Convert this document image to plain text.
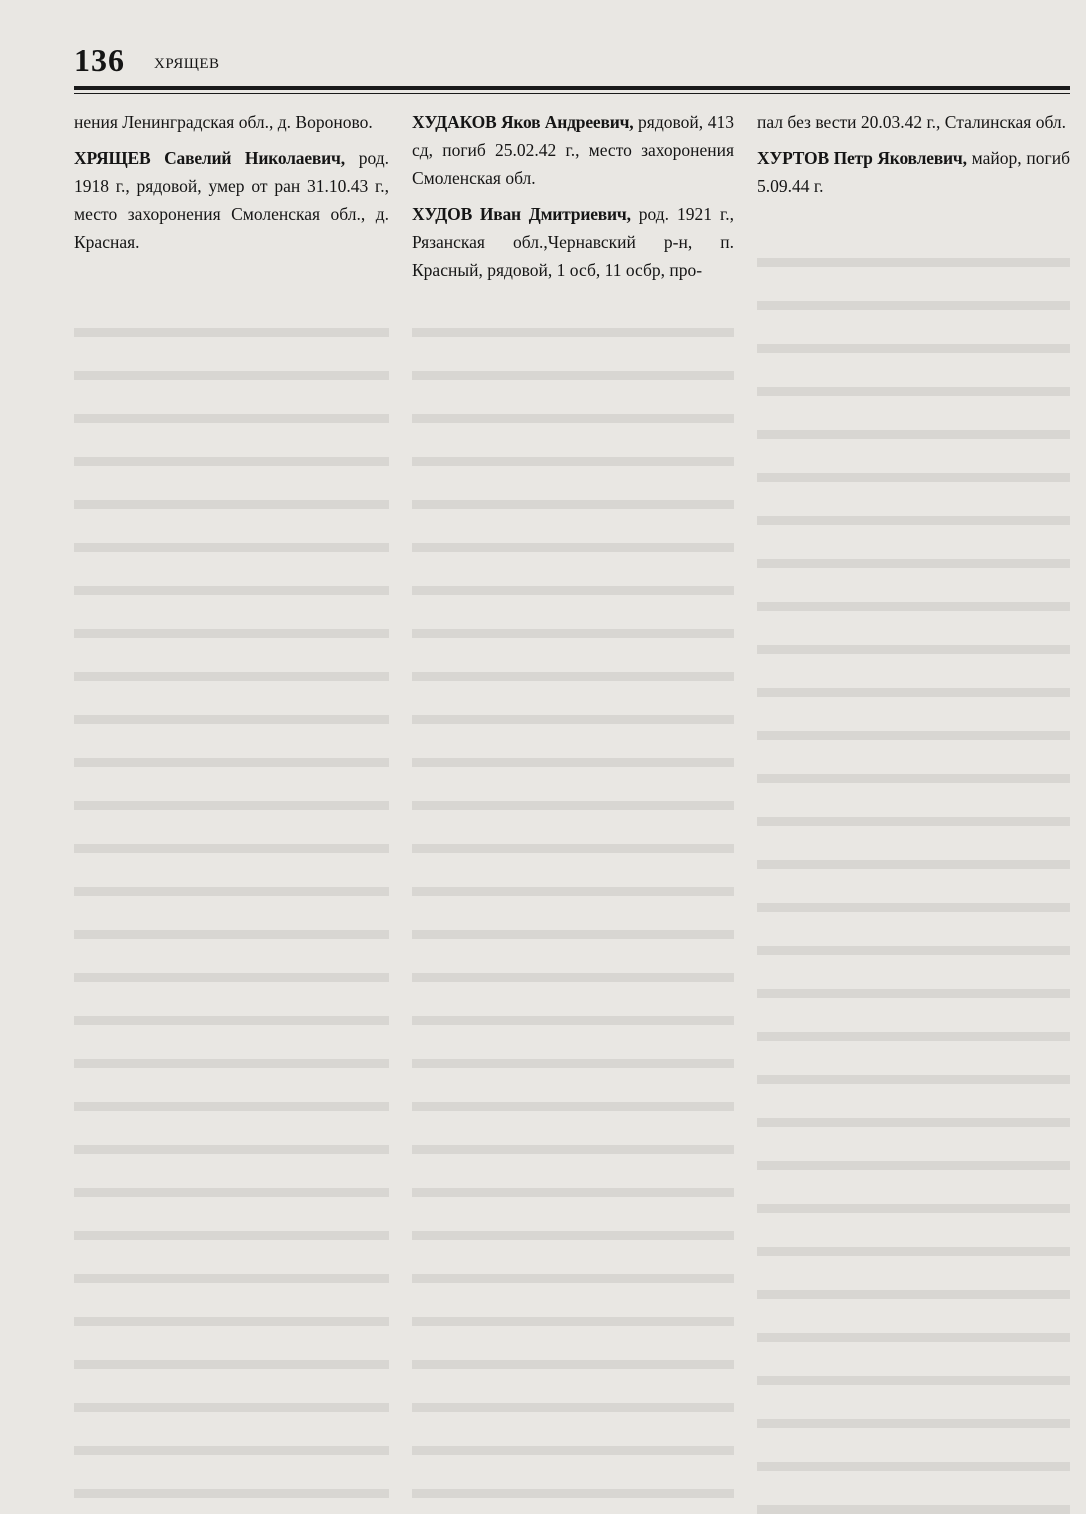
136 ХРЯЩЕВ

нения Ленинградская обл., д. Вороново.

ХРЯЩЕВ Савелий Николаевич, род. 1918 г., рядовой, умер от ран 31.10.43 г., место захоронения Смоленская обл., д. Красная.

ХУДАКОВ Яков Андреевич, рядовой, 413 сд, погиб 25.02.42 г., место захоронения Смоленская обл.

ХУДОВ Иван Дмитриевич, род. 1921 г., Рязанская обл.,Чернавский р-н, п. Красный, рядовой, 1 осб, 11 осбр, про-

пал без вести 20.03.42 г., Сталинская обл.

ХУРТОВ Петр Яковлевич, майор, погиб 5.09.44 г.
